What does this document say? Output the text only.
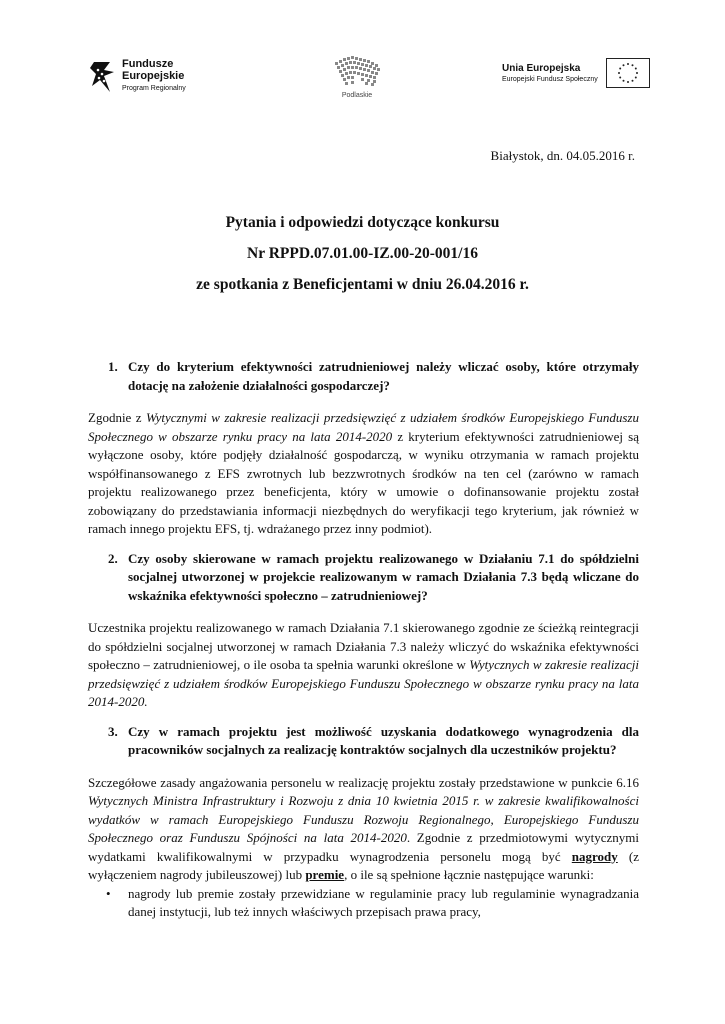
Fundusze
Europejskie
Program Regionalny
Podlaskie
Unia Europejska
Europejski Fundusz Społeczny
Białystok, dn. 04.05.2016 r.
Pytania i odpowiedzi dotyczące konkursu
Nr RPPD.07.01.00-IZ.00-20-001/16
ze spotkania z Beneficjentami w dniu 26.04.2016 r.
1. Czy do kryterium efektywności zatrudnieniowej należy wliczać osoby, które otrzymały dotację na założenie działalności gospodarczej?
Zgodnie z Wytycznymi w zakresie realizacji przedsięwzięć z udziałem środków Europejskiego Funduszu Społecznego w obszarze rynku pracy na lata 2014-2020 z kryterium efektywności zatrudnieniowej są wyłączone osoby, które podjęły działalność gospodarczą, w wyniku otrzymania w ramach projektu współfinansowanego z EFS zwrotnych lub bezzwrotnych środków na ten cel (zarówno w ramach projektu realizowanego przez beneficjenta, który w umowie o dofinansowanie projektu został zobowiązany do przedstawiania informacji niezbędnych do weryfikacji tego kryterium, jak również w ramach innego projektu EFS, tj. wdrażanego przez inny podmiot).
2. Czy osoby skierowane w ramach projektu realizowanego w Działaniu 7.1 do spółdzielni socjalnej utworzonej w projekcie realizowanym w ramach Działania 7.3 będą wliczane do wskaźnika efektywności społeczno – zatrudnieniowej?
Uczestnika projektu realizowanego w ramach Działania 7.1 skierowanego zgodnie ze ścieżką reintegracji do spółdzielni socjalnej utworzonej w ramach Działania 7.3 należy wliczyć do wskaźnika efektywności społeczno – zatrudnieniowej, o ile osoba ta spełnia warunki określone w Wytycznych w zakresie realizacji przedsięwzięć z udziałem środków Europejskiego Funduszu Społecznego w obszarze rynku pracy na lata 2014-2020.
3. Czy w ramach projektu jest możliwość uzyskania dodatkowego wynagrodzenia dla pracowników socjalnych za realizację kontraktów socjalnych dla uczestników projektu?
Szczegółowe zasady angażowania personelu w realizację projektu zostały przedstawione w punkcie 6.16 Wytycznych Ministra Infrastruktury i Rozwoju z dnia 10 kwietnia 2015 r. w zakresie kwalifikowalności wydatków w ramach Europejskiego Funduszu Rozwoju Regionalnego, Europejskiego Funduszu Społecznego oraz Funduszu Spójności na lata 2014-2020. Zgodnie z przedmiotowymi wytycznymi wydatkami kwalifikowalnymi w przypadku wynagrodzenia personelu mogą być nagrody (z wyłączeniem nagrody jubileuszowej) lub premie, o ile są spełnione łącznie następujące warunki:
•	nagrody lub premie zostały przewidziane w regulaminie pracy lub regulaminie wynagradzania danej instytucji, lub też innych właściwych przepisach prawa pracy,
